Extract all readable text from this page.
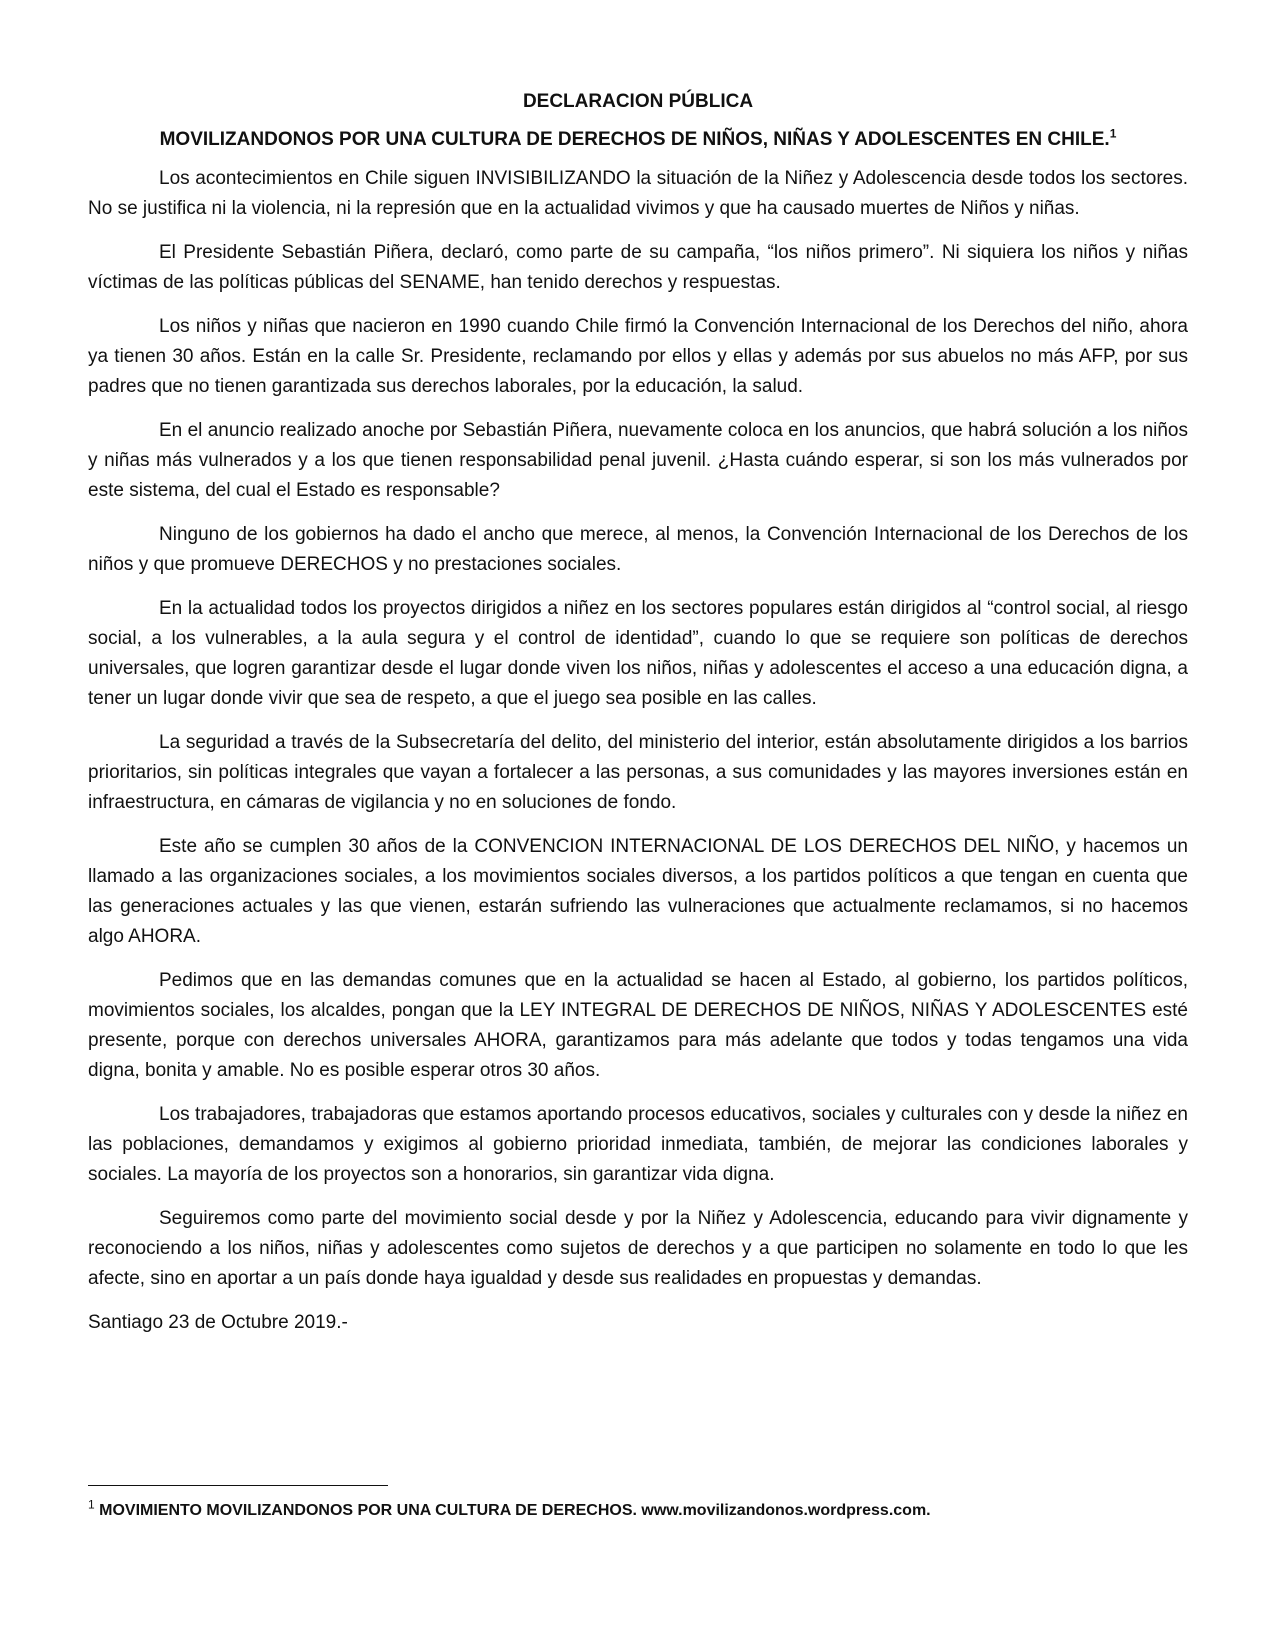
DECLARACION PÚBLICA
MOVILIZANDONOS POR UNA CULTURA DE DERECHOS DE NIÑOS, NIÑAS Y ADOLESCENTES EN CHILE.$^1$

Los acontecimientos en Chile siguen INVISIBILIZANDO la situación de la Niñez y Adolescencia desde todos los sectores. No se justifica ni la violencia, ni la represión que en la actualidad vivimos y que ha causado muertes de Niños y niñas.

El Presidente Sebastián Piñera, declaró, como parte de su campaña, “los niños primero”. Ni siquiera los niños y niñas víctimas de las políticas públicas del SENAME, han tenido derechos y respuestas.

Los niños y niñas que nacieron en 1990 cuando Chile firmó la Convención Internacional de los Derechos del niño, ahora ya tienen 30 años. Están en la calle Sr. Presidente, reclamando por ellos y ellas y además por sus abuelos no más AFP, por sus padres que no tienen garantizada sus derechos laborales, por la educación, la salud.

En el anuncio realizado anoche por Sebastián Piñera, nuevamente coloca en los anuncios, que habrá solución a los niños y niñas más vulnerados y a los que tienen responsabilidad penal juvenil. ¿Hasta cuándo esperar, si son los más vulnerados por este sistema, del cual el Estado es responsable?

Ninguno de los gobiernos ha dado el ancho que merece, al menos, la Convención Internacional de los Derechos de los niños y que promueve DERECHOS y no prestaciones sociales.

En la actualidad todos los proyectos dirigidos a niñez en los sectores populares están dirigidos al “control social, al riesgo social, a los vulnerables, a la aula segura y el control de identidad”, cuando lo que se requiere son políticas de derechos universales, que logren garantizar desde el lugar donde viven los niños, niñas y adolescentes el acceso a una educación digna, a tener un lugar donde vivir que sea de respeto, a que el juego sea posible en las calles.

La seguridad a través de la Subsecretaría del delito, del ministerio del interior, están absolutamente dirigidos a los barrios prioritarios, sin políticas integrales que vayan a fortalecer a las personas, a sus comunidades y las mayores inversiones están en infraestructura, en cámaras de vigilancia y no en soluciones de fondo.

Este año se cumplen 30 años de la CONVENCION INTERNACIONAL DE LOS DERECHOS DEL NIÑO, y hacemos un llamado a las organizaciones sociales, a los movimientos sociales diversos, a los partidos políticos a que tengan en cuenta que las generaciones actuales y las que vienen, estarán sufriendo las vulneraciones que actualmente reclamamos, si no hacemos algo AHORA.

Pedimos que en las demandas comunes que en la actualidad se hacen al Estado, al gobierno, los partidos políticos, movimientos sociales, los alcaldes, pongan que la LEY INTEGRAL DE DERECHOS DE NIÑOS, NIÑAS Y ADOLESCENTES esté presente, porque con derechos universales AHORA, garantizamos para más adelante que todos y todas tengamos una vida digna, bonita y amable. No es posible esperar otros 30 años.

Los trabajadores, trabajadoras que estamos aportando procesos educativos, sociales y culturales con y desde la niñez en las poblaciones, demandamos y exigimos al gobierno prioridad inmediata, también, de mejorar las condiciones laborales y sociales. La mayoría de los proyectos son a honorarios, sin garantizar vida digna.

Seguiremos como parte del movimiento social desde y por la Niñez y Adolescencia, educando para vivir dignamente y reconociendo a los niños, niñas y adolescentes como sujetos de derechos y a que participen no solamente en todo lo que les afecte, sino en aportar a un país donde haya igualdad y desde sus realidades en propuestas y demandas.

Santiago 23 de Octubre 2019.-

$^1$ MOVIMIENTO MOVILIZANDONOS POR UNA CULTURA DE DERECHOS. www.movilizandonos.wordpress.com.
